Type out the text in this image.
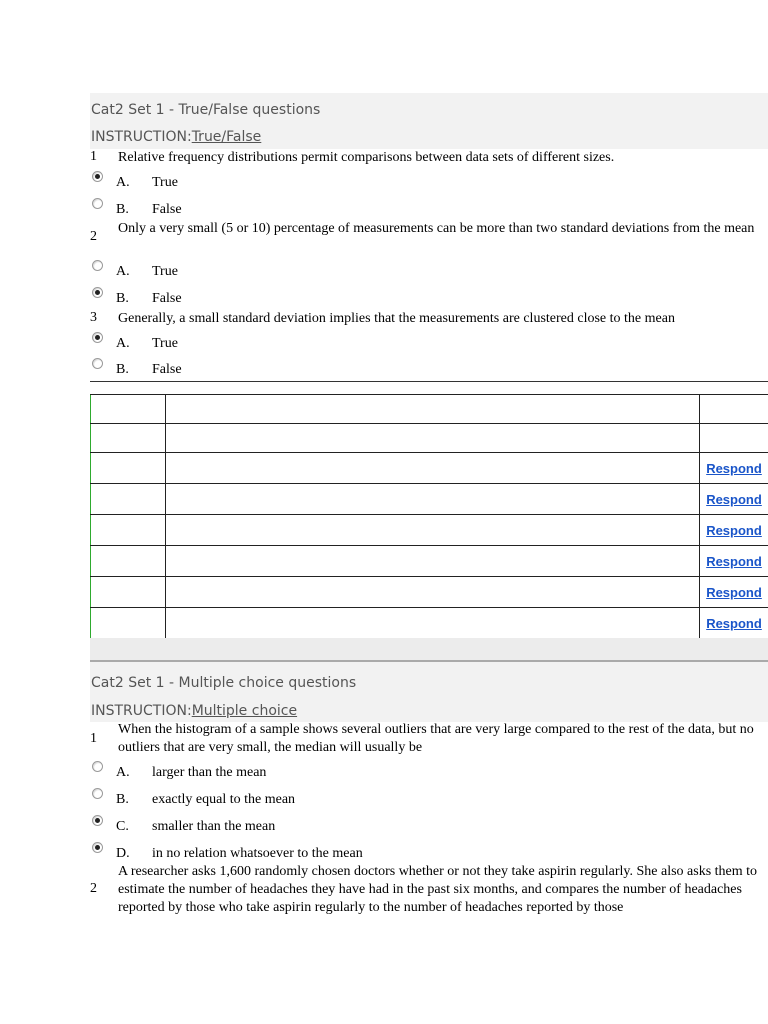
Cat2 Set 1 - True/False questions
INSTRUCTION:True/False
1 Relative frequency distributions permit comparisons between data sets of different sizes.
A. True
B. False
2
Only a very small (5 or 10) percentage of measurements can be more than two standard deviations from the mean
A. True
B. False
3 Generally, a small standard deviation implies that the measurements are clustered close to the mean
A. True
B. False

		Respond
		Respond
		Respond
		Respond
		Respond
		Respond
Cat2 Set 1 - Multiple choice questions
INSTRUCTION:Multiple choice
1
When the histogram of a sample shows several outliers that are very large compared to the rest of the data, but no outliers that are very small, the median will usually be
A. larger than the mean
B. exactly equal to the mean
C. smaller than the mean
D. in no relation whatsoever to the mean
2
A researcher asks 1,600 randomly chosen doctors whether or not they take aspirin regularly. She also asks them to estimate the number of headaches they have had in the past six months, and compares the number of headaches reported by those who take aspirin regularly to the number of headaches reported by those
